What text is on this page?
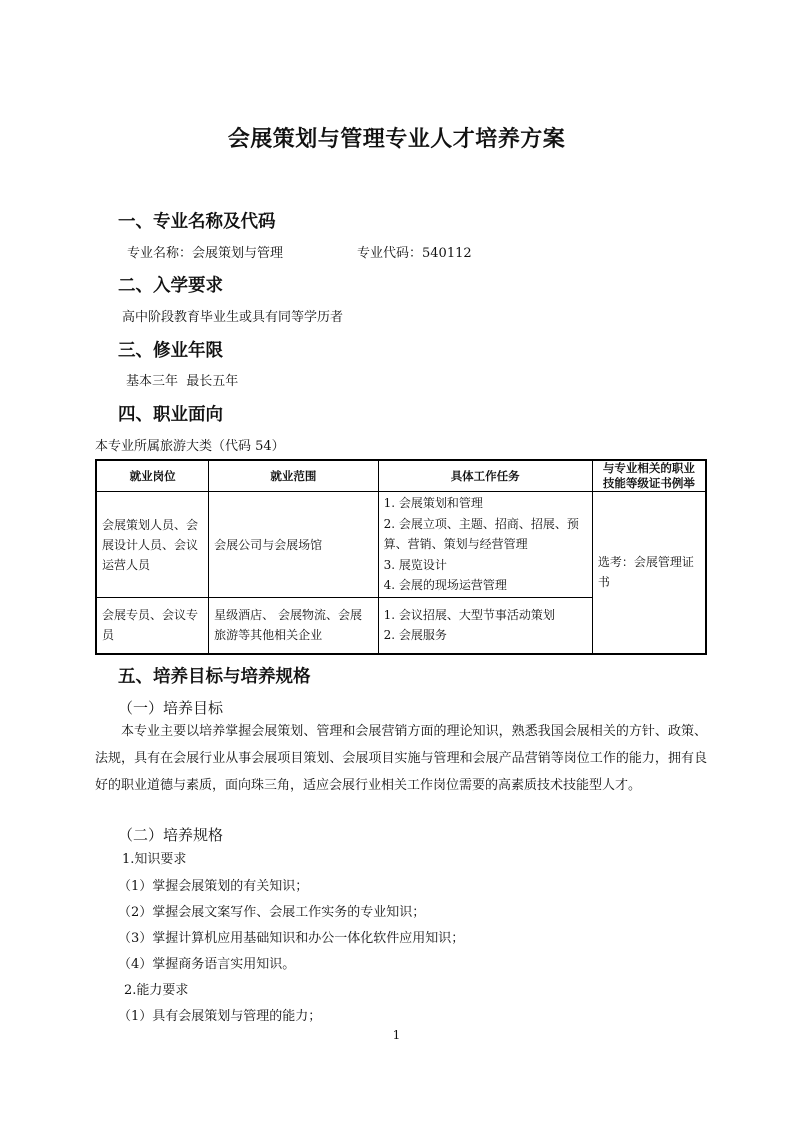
会展策划与管理专业人才培养方案
一、专业名称及代码
专业名称：会展策划与管理	专业代码：540112
二、入学要求
高中阶段教育毕业生或具有同等学历者
三、修业年限
基本三年  最长五年
四、职业面向
本专业所属旅游大类（代码 54）
就业岗位	就业范围	具体工作任务	与专业相关的职业技能等级证书例举
会展策划人员、会展设计人员、会议运营人员	会展公司与会展场馆	1. 会展策划和管理
2. 会展立项、主题、招商、招展、预算、营销、策划与经营管理
3. 展览设计
4. 会展的现场运营管理	选考：会展管理证书
会展专员、会议专员	星级酒店、 会展物流、会展旅游等其他相关企业	1. 会议招展、大型节事活动策划
2. 会展服务	
五、培养目标与培养规格
（一）培养目标
本专业主要以培养掌握会展策划、管理和会展营销方面的理论知识，熟悉我国会展相关的方针、政策、法规，具有在会展行业从事会展项目策划、会展项目实施与管理和会展产品营销等岗位工作的能力，拥有良好的职业道德与素质，面向珠三角，适应会展行业相关工作岗位需要的高素质技术技能型人才。
（二）培养规格
1.知识要求
（1）掌握会展策划的有关知识；
（2）掌握会展文案写作、会展工作实务的专业知识；
（3）掌握计算机应用基础知识和办公一体化软件应用知识；
（4）掌握商务语言实用知识。
2.能力要求
（1）具有会展策划与管理的能力；
1
